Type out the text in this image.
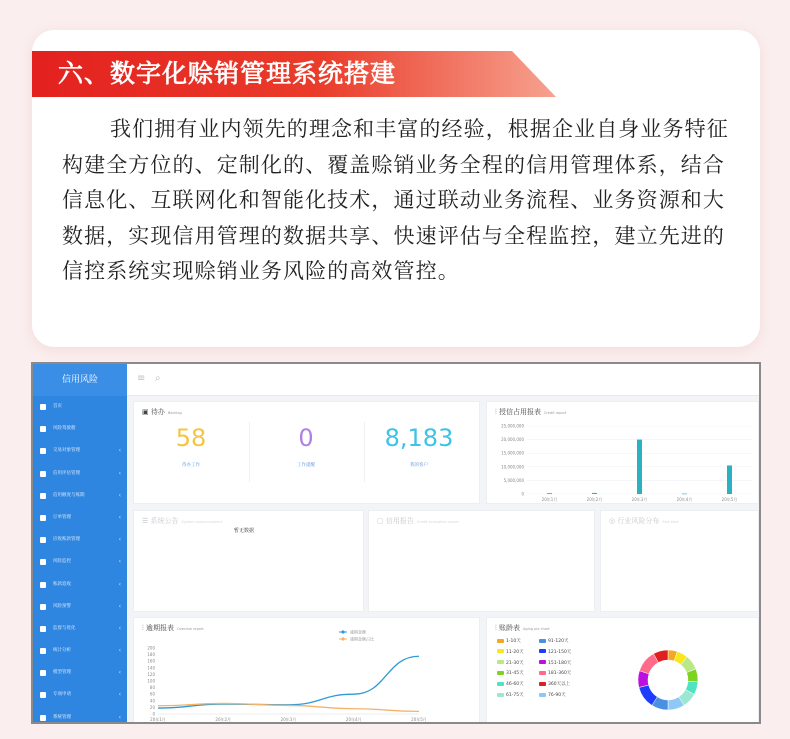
六、数字化赊销管理系统搭建
我们拥有业内领先的理念和丰富的经验，根据企业自身业务特征构建全方位的、定制化的、覆盖赊销业务全程的信用管理体系，结合信息化、互联网化和智能化技术，通过联动业务流程、业务资源和大数据，实现信用管理的数据共享、快速评估与全程监控，建立先进的信控系统实现赊销业务风险的高效管控。
信用风险
首页
风险驾驶舱
交易对象管理	‹
信用评估管理	‹
信用额度与账期	‹
订单管理	‹
应收账款管理	‹
风险监控	‹
账款追收	‹
风险预警	‹
监督与优化	‹
统计分析	‹
模型管理	‹
专项申请	‹
系统管理	‹
≡ ⌕
▣ 待办 Backlog
58
待办工作
0
工作提醒
8,183
我的客户
⫶ 授信占用报表 Credit report
25,000,000
20,000,000
15,000,000
10,000,000
5,000,000
0
20年1月	20年2月	20年3月	20年4月	20年5月
☰ 系统公告 System announcement
暂无数据
▢ 信用报告 Credit evaluation report	◎ 行业风险分布 Risk alert
⫶ 逾期报表 Overdue report
200
180
160
140
120
100
80
60
40
20
0
20年1月	20年2月	20年3月	20年4月	20年5月
逾期金额
逾期金额占比
⫶ 账龄表 Aging pie chart
1-10天	91-120天
11-20天	121-150天
21-30天	151-180天
31-45天	181-360天
46-60天	360天以上
61-75天	76-90天
